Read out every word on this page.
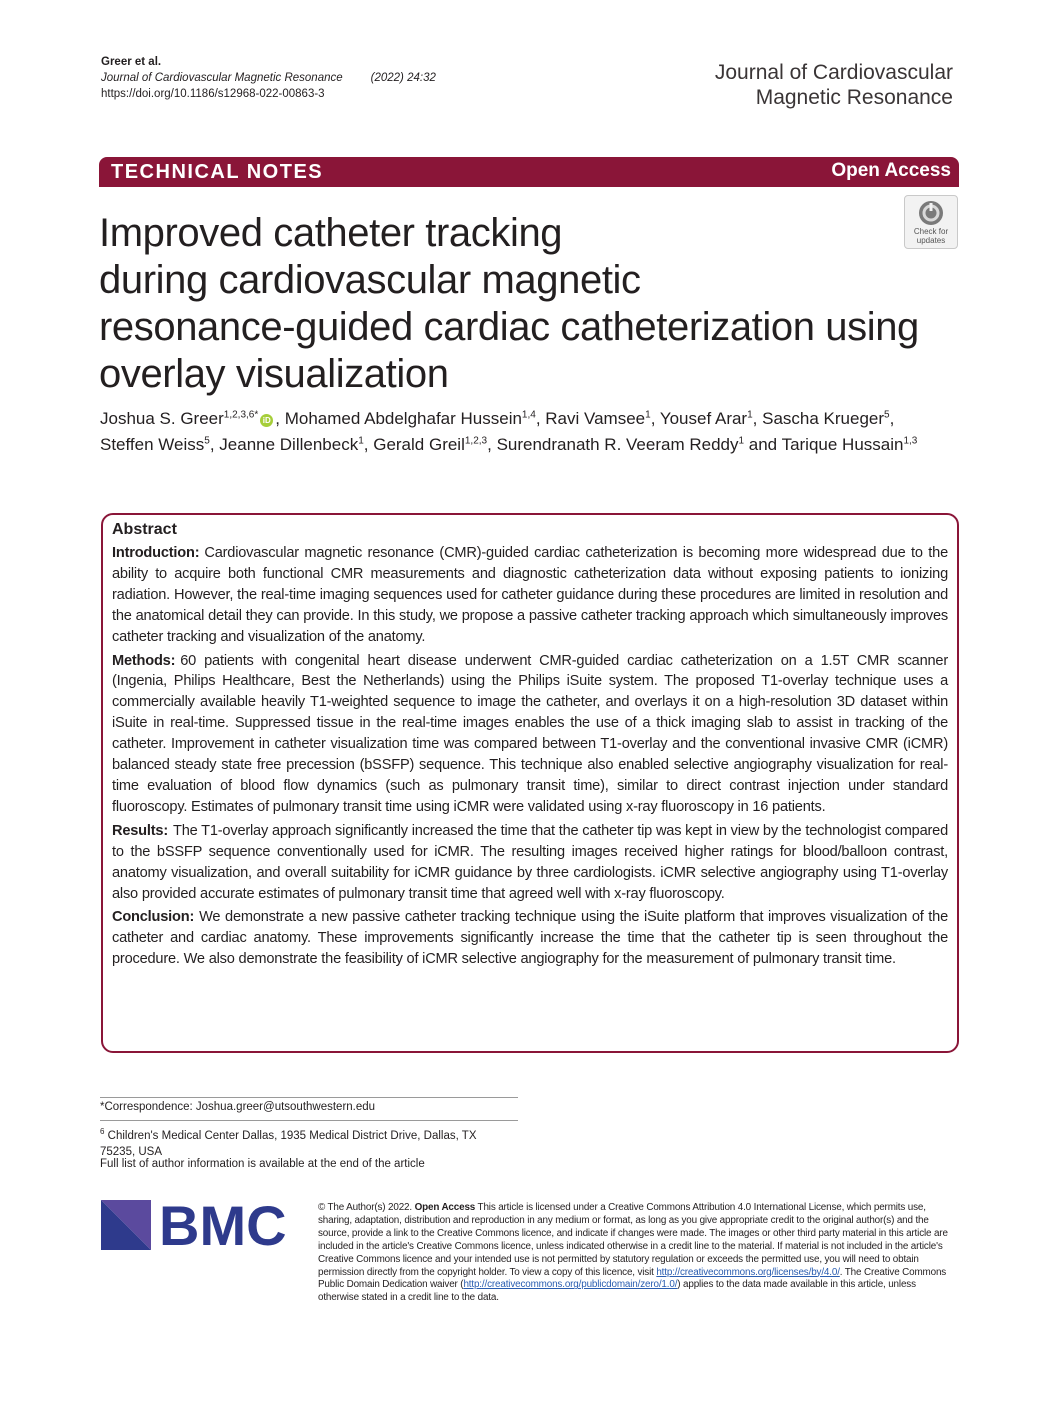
Greer et al.
Journal of Cardiovascular Magnetic Resonance (2022) 24:32
https://doi.org/10.1186/s12968-022-00863-3
Journal of Cardiovascular
Magnetic Resonance
TECHNICAL NOTES	Open Access
Check for
updates
Improved catheter tracking
during cardiovascular magnetic
resonance-guided cardiac catheterization using
overlay visualization
Joshua S. Greer$^{1,2,3,6*}$iD , Mohamed Abdelghafar Hussein$^{1,4}$, Ravi Vamsee$^1$, Yousef Arar$^1$, Sascha Krueger$^5$,
Steffen Weiss$^5$, Jeanne Dillenbeck$^1$, Gerald Greil$^{1,2,3}$, Surendranath R. Veeram Reddy$^1$ and Tarique Hussain$^{1,3}$
Abstract

Introduction: Cardiovascular magnetic resonance (CMR)-guided cardiac catheterization is becoming more widespread due to the ability to acquire both functional CMR measurements and diagnostic catheterization data without exposing patients to ionizing radiation. However, the real-time imaging sequences used for catheter guidance during these procedures are limited in resolution and the anatomical detail they can provide. In this study, we propose a passive catheter tracking approach which simultaneously improves catheter tracking and visualization of the anatomy.

Methods: 60 patients with congenital heart disease underwent CMR-guided cardiac catheterization on a 1.5T CMR scanner (Ingenia, Philips Healthcare, Best the Netherlands) using the Philips iSuite system. The proposed T1-overlay technique uses a commercially available heavily T1-weighted sequence to image the catheter, and overlays it on a high-resolution 3D dataset within iSuite in real-time. Suppressed tissue in the real-time images enables the use of a thick imaging slab to assist in tracking of the catheter. Improvement in catheter visualization time was compared between T1-overlay and the conventional invasive CMR (iCMR) balanced steady state free precession (bSSFP) sequence. This technique also enabled selective angiography visualization for real-time evaluation of blood flow dynamics (such as pulmonary transit time), similar to direct contrast injection under standard fluoroscopy. Estimates of pulmonary transit time using iCMR were validated using x-ray fluoroscopy in 16 patients.

Results: The T1-overlay approach significantly increased the time that the catheter tip was kept in view by the technologist compared to the bSSFP sequence conventionally used for iCMR. The resulting images received higher ratings for blood/balloon contrast, anatomy visualization, and overall suitability for iCMR guidance by three cardiologists. iCMR selective angiography using T1-overlay also provided accurate estimates of pulmonary transit time that agreed well with x-ray fluoroscopy.

Conclusion: We demonstrate a new passive catheter tracking technique using the iSuite platform that improves visualization of the catheter and cardiac anatomy. These improvements significantly increase the time that the catheter tip is seen throughout the procedure. We also demonstrate the feasibility of iCMR selective angiography for the measurement of pulmonary transit time.

*Correspondence: Joshua.greer@utsouthwestern.edu
$^6$ Children's Medical Center Dallas, 1935 Medical District Drive, Dallas, TX
75235, USA
Full list of author information is available at the end of the article
BMC	© The Author(s) 2022. Open Access This article is licensed under a Creative Commons Attribution 4.0 International License, which permits use, sharing, adaptation, distribution and reproduction in any medium or format, as long as you give appropriate credit to the original author(s) and the source, provide a link to the Creative Commons licence, and indicate if changes were made. The images or other third party material in this article are included in the article's Creative Commons licence, unless indicated otherwise in a credit line to the material. If material is not included in the article's Creative Commons licence and your intended use is not permitted by statutory regulation or exceeds the permitted use, you will need to obtain permission directly from the copyright holder. To view a copy of this licence, visit http://creativecommons.org/licenses/by/4.0/. The Creative Commons Public Domain Dedication waiver (http://creativecommons.org/publicdomain/zero/1.0/) applies to the data made available in this article, unless otherwise stated in a credit line to the data.
